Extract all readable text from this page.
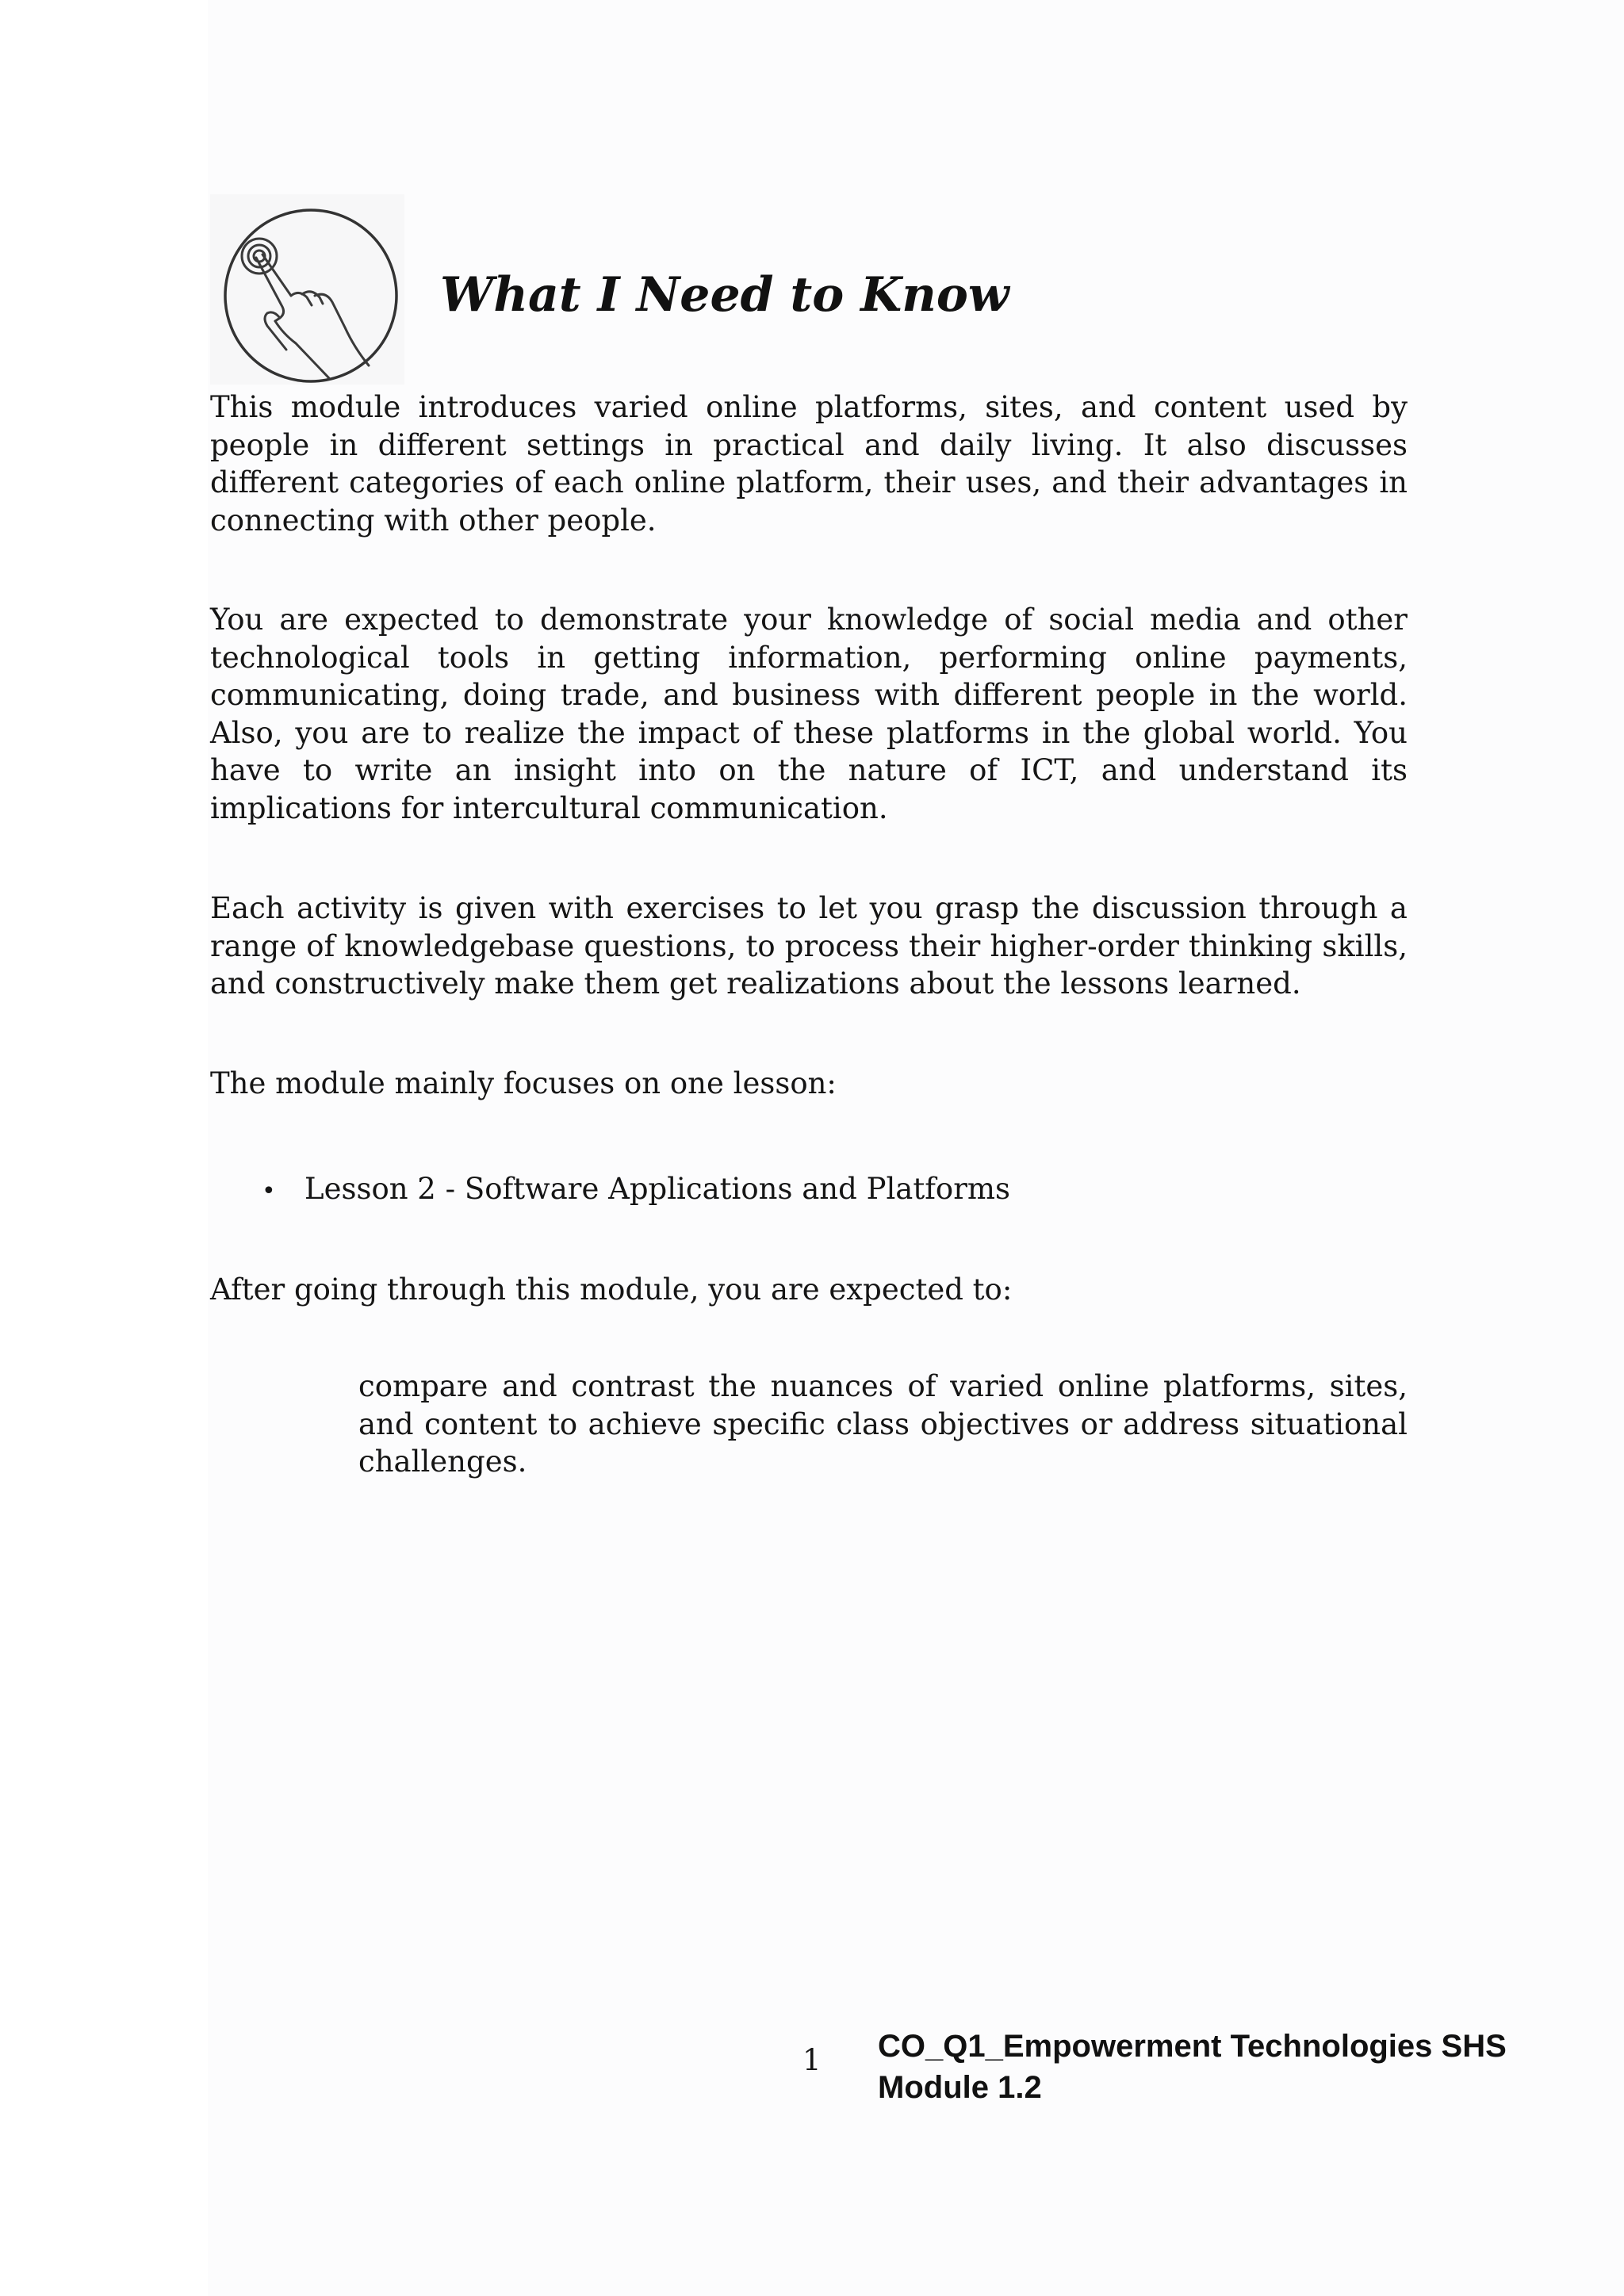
What I Need to Know

This module introduces varied online platforms, sites, and content used by people in different settings in practical and daily living. It also discusses different categories of each online platform, their uses, and their advantages in connecting with other people.

You are expected to demonstrate your knowledge of social media and other technological tools in getting information, performing online payments, communicating, doing trade, and business with different people in the world. Also, you are to realize the impact of these platforms in the global world. You have to write an insight into on the nature of ICT, and understand its implications for intercultural communication.

Each activity is given with exercises to let you grasp the discussion through a range of knowledgebase questions, to process their higher-order thinking skills, and constructively make them get realizations about the lessons learned.

The module mainly focuses on one lesson:

• Lesson 2 - Software Applications and Platforms

After going through this module, you are expected to:

compare and contrast the nuances of varied online platforms, sites, and content to achieve specific class objectives or address situational challenges.

1 CO_Q1_Empowerment Technologies SHS
Module 1.2
